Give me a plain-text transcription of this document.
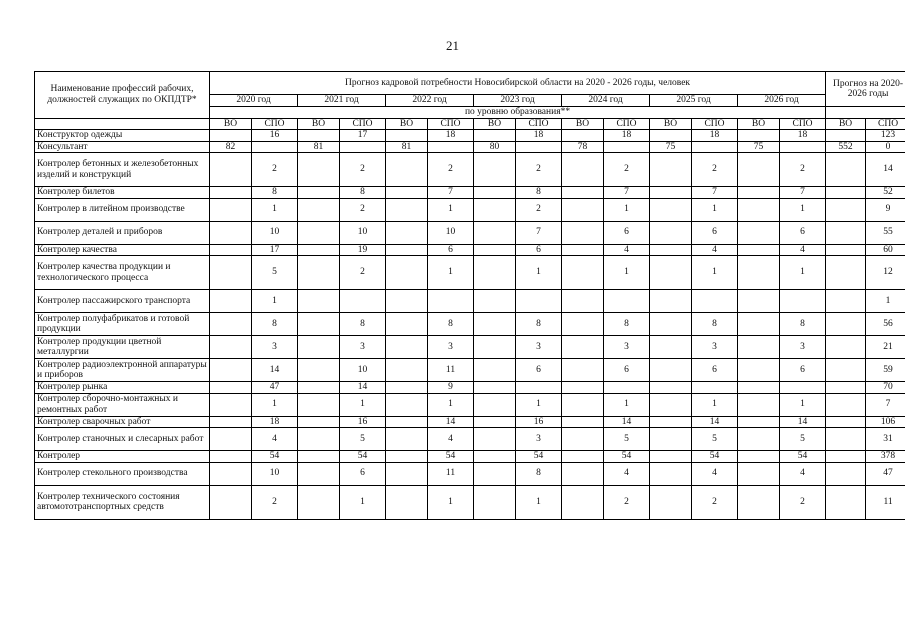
21
Наименование профессий рабочих, должностей служащих по ОКПДТР*	Прогноз кадровой потребности Новосибирской области на 2020 - 2026 годы, человек														Прогноз на 2020-2026 годы	
	2020 год		2021 год		2022 год		2023 год		2024 год		2025 год		2026 год			
	по уровню образования**															
	ВО	СПО	ВО	СПО	ВО	СПО	ВО	СПО	ВО	СПО	ВО	СПО	ВО	СПО	ВО	СПО
Конструктор одежды		16		17		18		18		18		18		18		123
Консультант	82		81		81		80		78		75		75		552	0
Контролер бетонных и железобетонных изделий и конструкций		2		2		2		2		2		2		2		14
Контролер билетов		8		8		7		8		7		7		7		52
Контролер в литейном производстве		1		2		1		2		1		1		1		9
Контролер деталей и приборов		10		10		10		7		6		6		6		55
Контролер качества		17		19		6		6		4		4		4		60
Контролер качества продукции и технологического процесса		5		2		1		1		1		1		1		12
Контролер пассажирского транспорта		1														1
Контролер полуфабрикатов и готовой продукции		8		8		8		8		8		8		8		56
Контролер продукции цветной металлургии		3		3		3		3		3		3		3		21
Контролер радиоэлектронной аппаратуры и приборов		14		10		11		6		6		6		6		59
Контролер рынка		47		14		9										70
Контролер сборочно-монтажных и ремонтных работ		1		1		1		1		1		1		1		7
Контролер сварочных работ		18		16		14		16		14		14		14		106
Контролер станочных и слесарных работ		4		5		4		3		5		5		5		31
Контролер		54		54		54		54		54		54		54		378
Контролер стекольного производства		10		6		11		8		4		4		4		47
Контролер технического состояния автомототранспортных средств		2		1		1		1		2		2		2		11
